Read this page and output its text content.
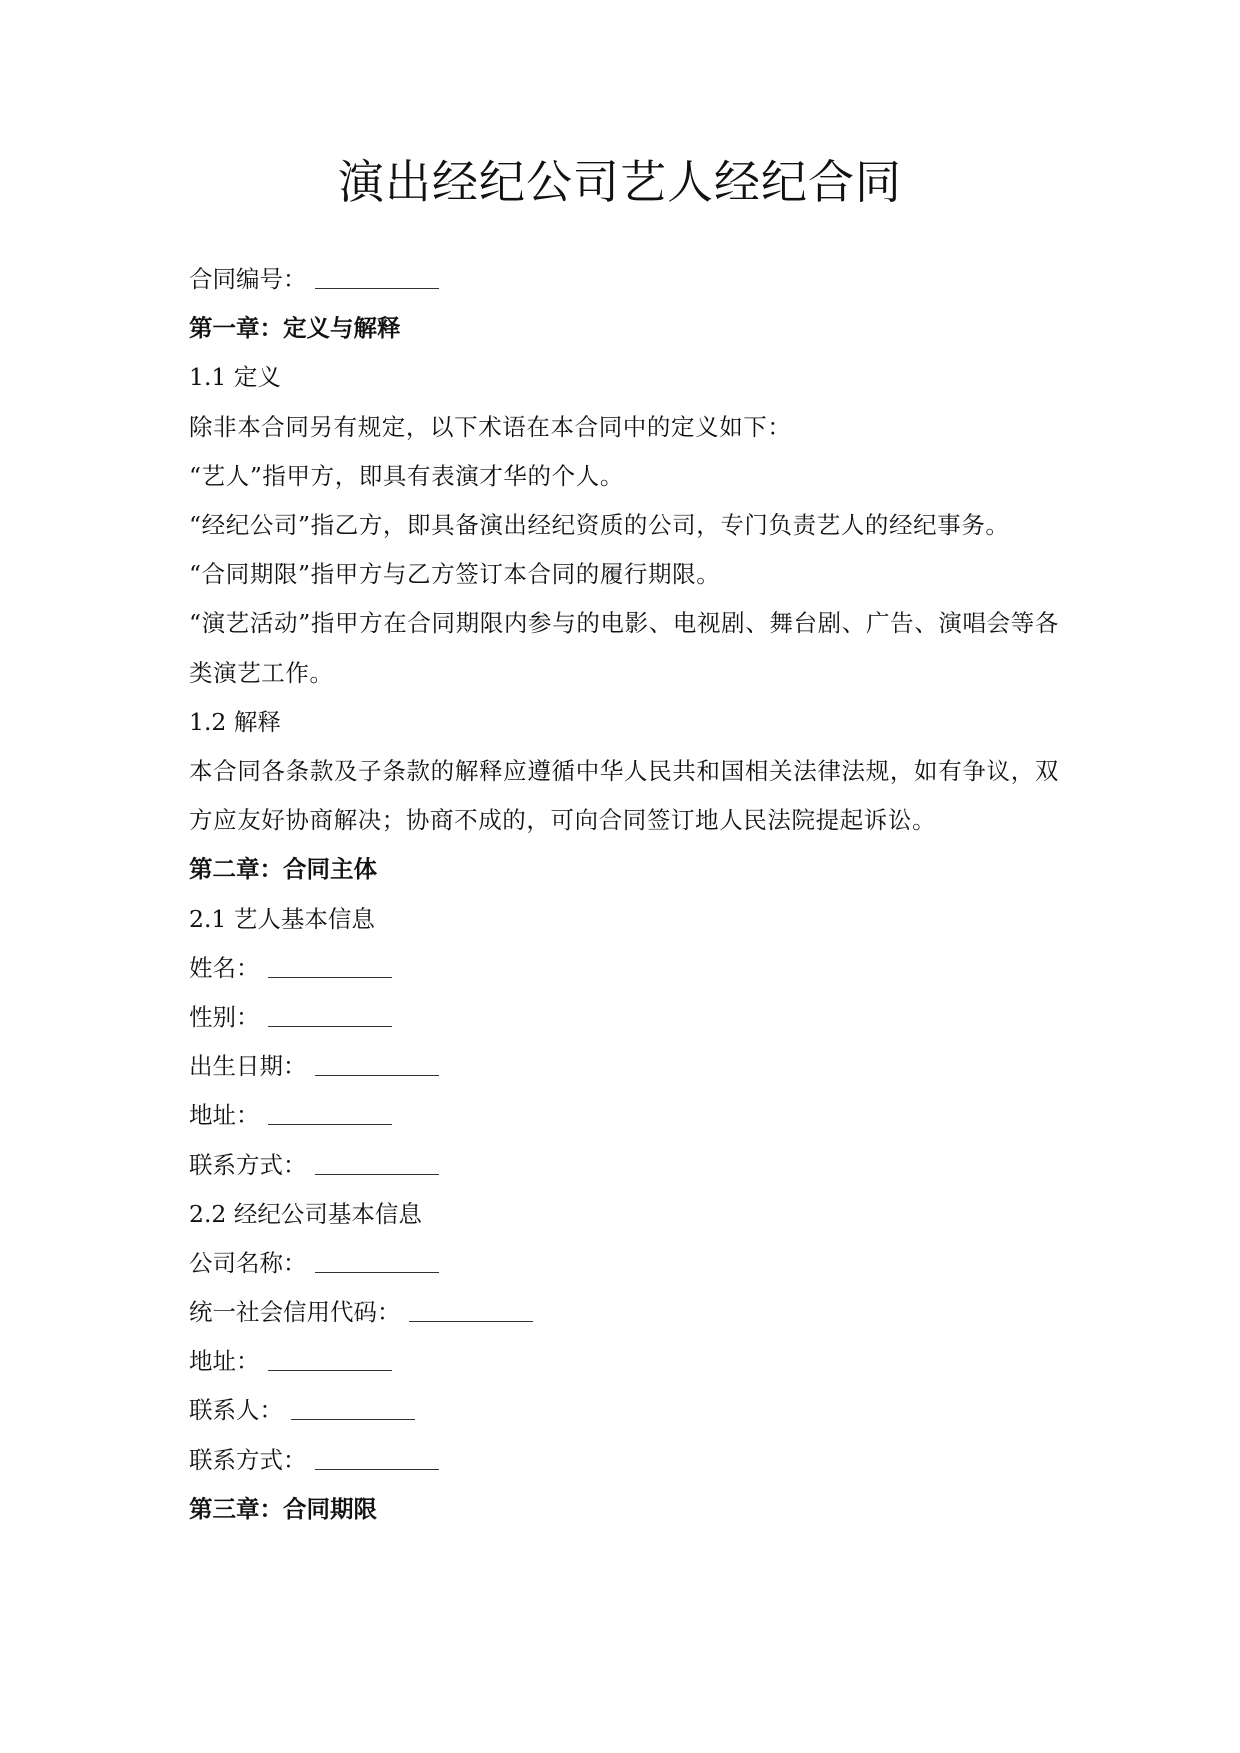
演出经纪公司艺人经纪合同

合同编号：

第一章：定义与解释

1.1 定义

除非本合同另有规定，以下术语在本合同中的定义如下：

“艺人”指甲方，即具有表演才华的个人。

“经纪公司”指乙方，即具备演出经纪资质的公司，专门负责艺人的经纪事务。

“合同期限”指甲方与乙方签订本合同的履行期限。

“演艺活动”指甲方在合同期限内参与的电影、电视剧、舞台剧、广告、演唱会等各类演艺工作。

1.2 解释

本合同各条款及子条款的解释应遵循中华人民共和国相关法律法规，如有争议，双方应友好协商解决；协商不成的，可向合同签订地人民法院提起诉讼。

第二章：合同主体

2.1 艺人基本信息

姓名：

性别：

出生日期：

地址：

联系方式：

2.2 经纪公司基本信息

公司名称：

统一社会信用代码：

地址：

联系人：

联系方式：

第三章：合同期限
